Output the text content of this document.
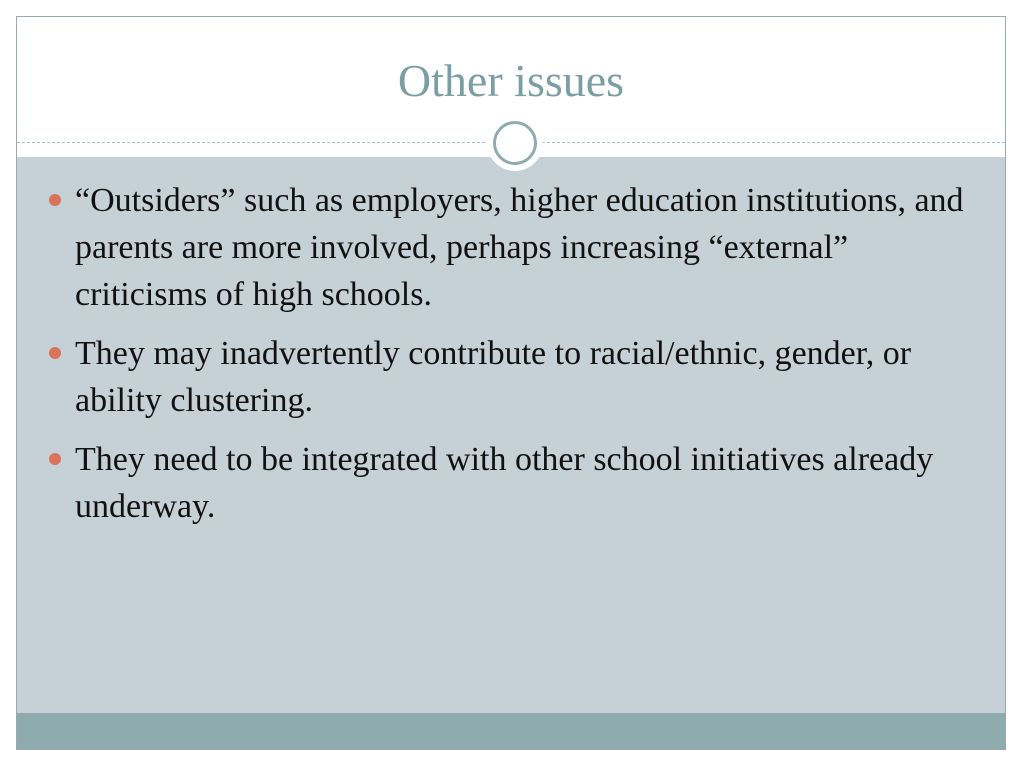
Other issues
“Outsiders” such as employers, higher education institutions, and parents are more involved, perhaps increasing “external” criticisms of high schools.
They may inadvertently contribute to racial/ethnic, gender, or ability clustering.
They need to be integrated with other school initiatives already underway.
